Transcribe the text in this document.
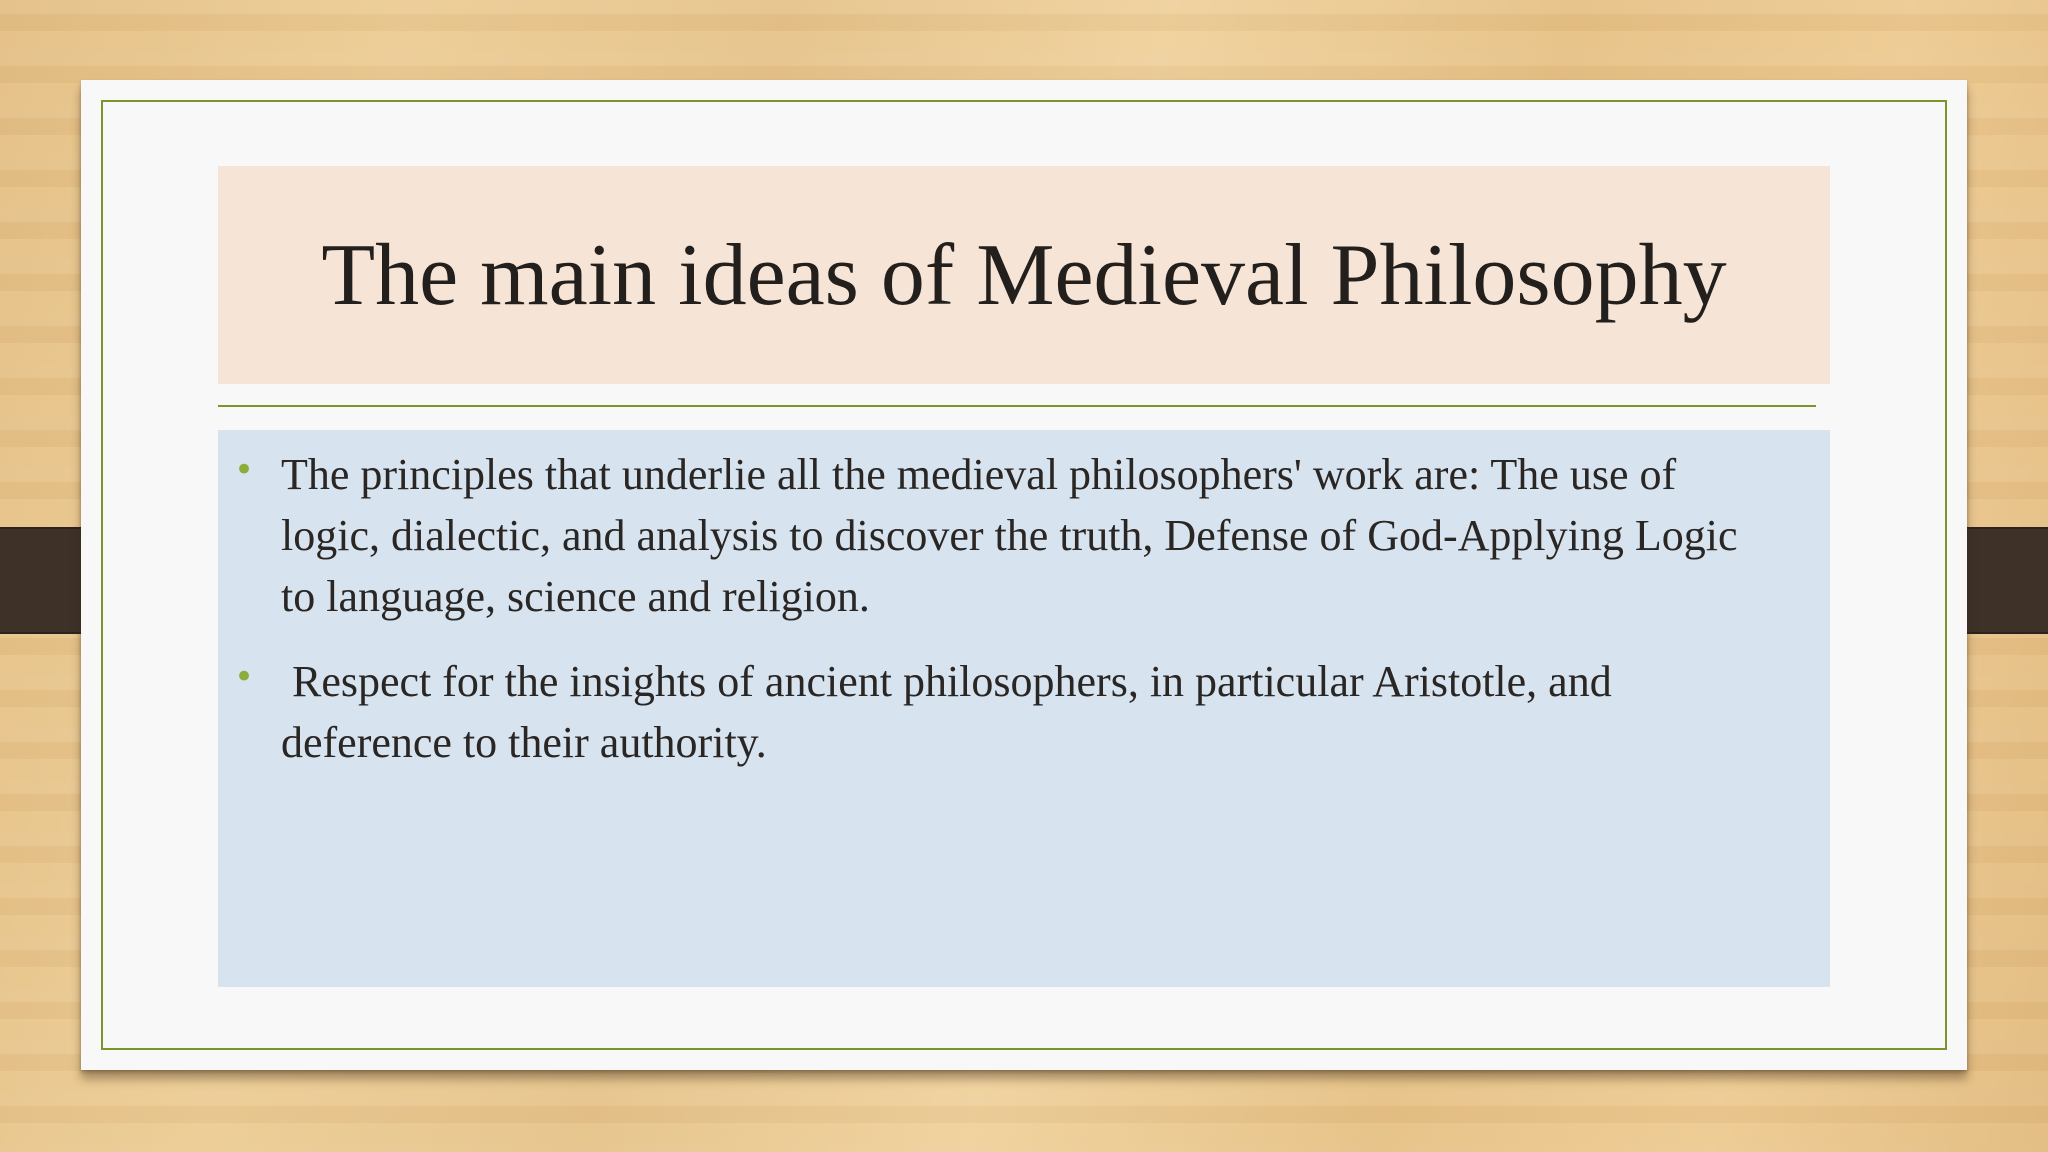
The main ideas of Medieval Philosophy
• The principles that underlie all the medieval philosophers' work are: The use of logic, dialectic, and analysis to discover the truth, Defense of God-Applying Logic to language, science and religion.
• Respect for the insights of ancient philosophers, in particular Aristotle, and deference to their authority.
